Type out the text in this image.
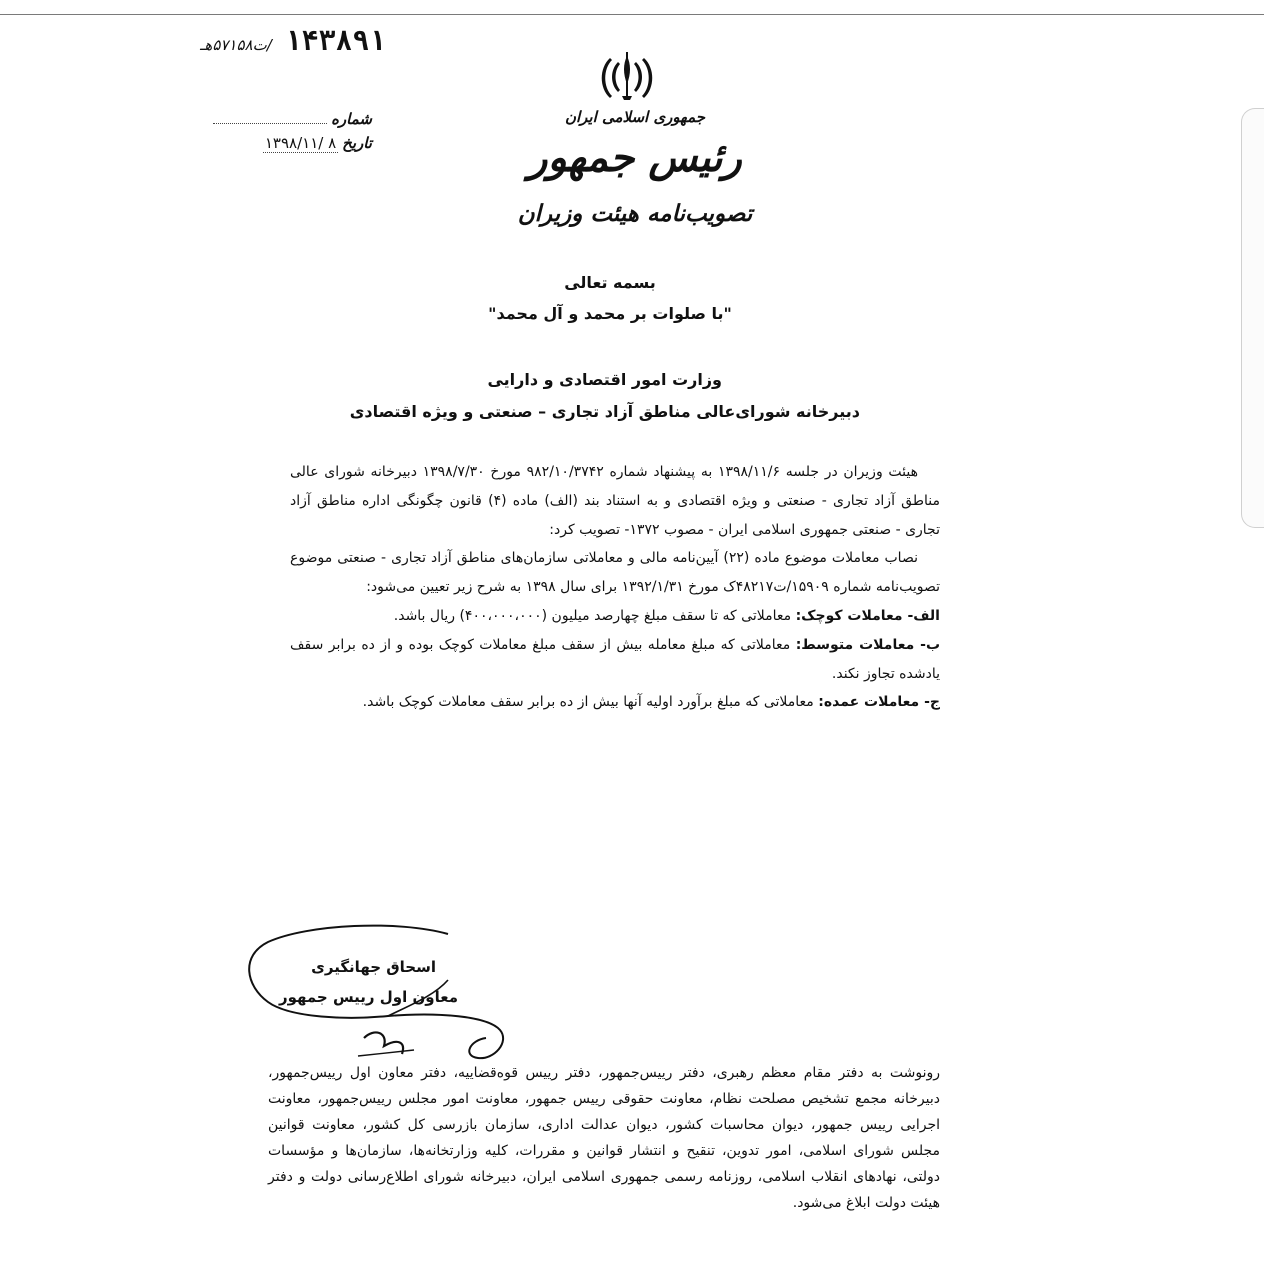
۱۴۳۸۹۱ /ت۵۷۱۵۸هـ
شماره
تاریخ
۱۳۹۸/۱۱/ ۸
جمهوری اسلامی ایران
رئیس جمهور
تصویب‌نامه هیئت وزیران
بسمه تعالی
"با صلوات بر محمد و آل محمد"
وزارت امور اقتصادی و دارایی
دبیرخانه شورای‌عالی مناطق آزاد تجاری – صنعتی و ویژه اقتصادی

هیئت وزیران در جلسه ۱۳۹۸/۱۱/۶ به پیشنهاد شماره ۹۸۲/۱۰/۳۷۴۲ مورخ ۱۳۹۸/۷/۳۰ دبیرخانه شورای عالی مناطق آزاد تجاری - صنعتی و ویژه اقتصادی و به استناد بند (الف) ماده (۴) قانون چگونگی اداره مناطق آزاد تجاری - صنعتی جمهوری اسلامی ایران - مصوب ۱۳۷۲- تصویب کرد:

نصاب معاملات موضوع ماده (۲۲) آیین‌نامه مالی و معاملاتی سازمان‌های مناطق آزاد تجاری - صنعتی موضوع تصویب‌نامه شماره ۱۵۹۰۹/ت۴۸۲۱۷ک مورخ ۱۳۹۲/۱/۳۱ برای سال ۱۳۹۸ به شرح زیر تعیین می‌شود:

الف- معاملات کوچک: معاملاتی که تا سقف مبلغ چهارصد میلیون (۴۰۰،۰۰۰،۰۰۰) ریال باشد.

ب- معاملات متوسط: معاملاتی که مبلغ معامله بیش از سقف مبلغ معاملات کوچک بوده و از ده برابر سقف یادشده تجاوز نکند.

ج- معاملات عمده: معاملاتی که مبلغ برآورد اولیه آنها بیش از ده برابر سقف معاملات کوچک باشد.

اسحاق جهانگیری
معاون اول رییس جمهور
رونوشت به دفتر مقام معظم رهبری، دفتر رییس‌جمهور، دفتر رییس قوه‌قضاییه، دفتر معاون اول رییس‌جمهور، دبیرخانه مجمع تشخیص مصلحت نظام، معاونت حقوقی رییس جمهور، معاونت امور مجلس رییس‌جمهور، معاونت اجرایی رییس جمهور، دیوان محاسبات کشور، دیوان عدالت اداری، سازمان بازرسی کل کشور، معاونت قوانین مجلس شورای اسلامی، امور تدوین، تنقیح و انتشار قوانین و مقررات، کلیه وزارتخانه‌ها، سازمان‌ها و مؤسسات دولتی، نهادهای انقلاب اسلامی، روزنامه رسمی جمهوری اسلامی ایران، دبیرخانه شورای اطلاع‌رسانی دولت و دفتر هیئت دولت ابلاغ می‌شود.
